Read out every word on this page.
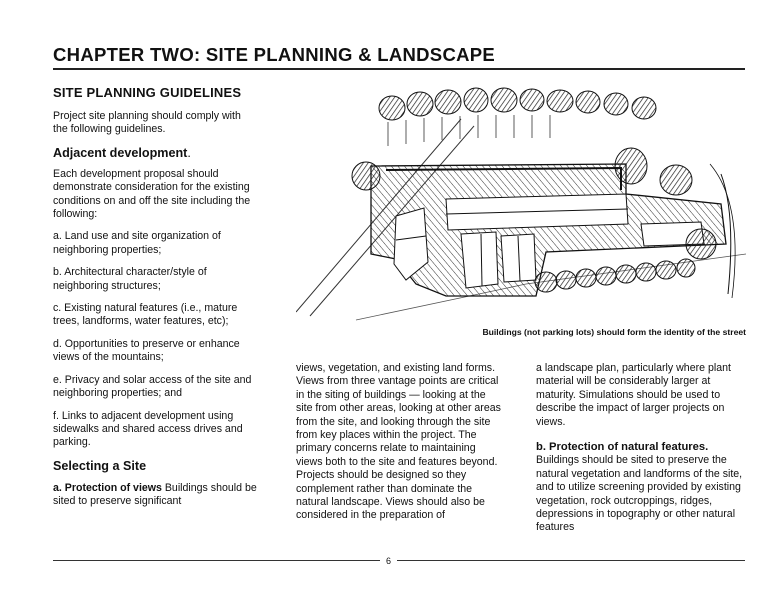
CHAPTER TWO: SITE PLANNING & LANDSCAPE
SITE PLANNING GUIDELINES

Project site planning should comply with the following guidelines.

Adjacent development.

Each development proposal should demonstrate consideration for the existing conditions on and off the site including the following:

a. Land use and site organization of neighboring properties;

b. Architectural character/style of neighboring structures;

c. Existing natural features (i.e., mature trees, landforms, water features, etc);

d. Opportunities to preserve or enhance views of the mountains;

e. Privacy and solar access of the site and neighboring properties; and

f. Links to adjacent development using sidewalks and shared access drives and parking.

Selecting a Site

a. Protection of views Buildings should be sited to preserve significant

Buildings (not parking lots) should form the identity of the street

views, vegetation, and existing land forms. Views from three vantage points are critical in the siting of buildings — looking at the site from other areas, looking at other areas from the site, and looking through the site from key places within the project. The primary concerns relate to maintaining views both to the site and features beyond. Projects should be designed so they complement rather than dominate the natural landscape. Views should also be considered in the preparation of

a landscape plan, particularly where plant material will be considerably larger at maturity. Simulations should be used to describe the impact of larger projects on views.

b. Protection of natural features. Buildings should be sited to preserve the natural vegetation and landforms of the site, and to utilize screening provided by existing vegetation, rock outcroppings, ridges, depressions in topography or other natural features

6
